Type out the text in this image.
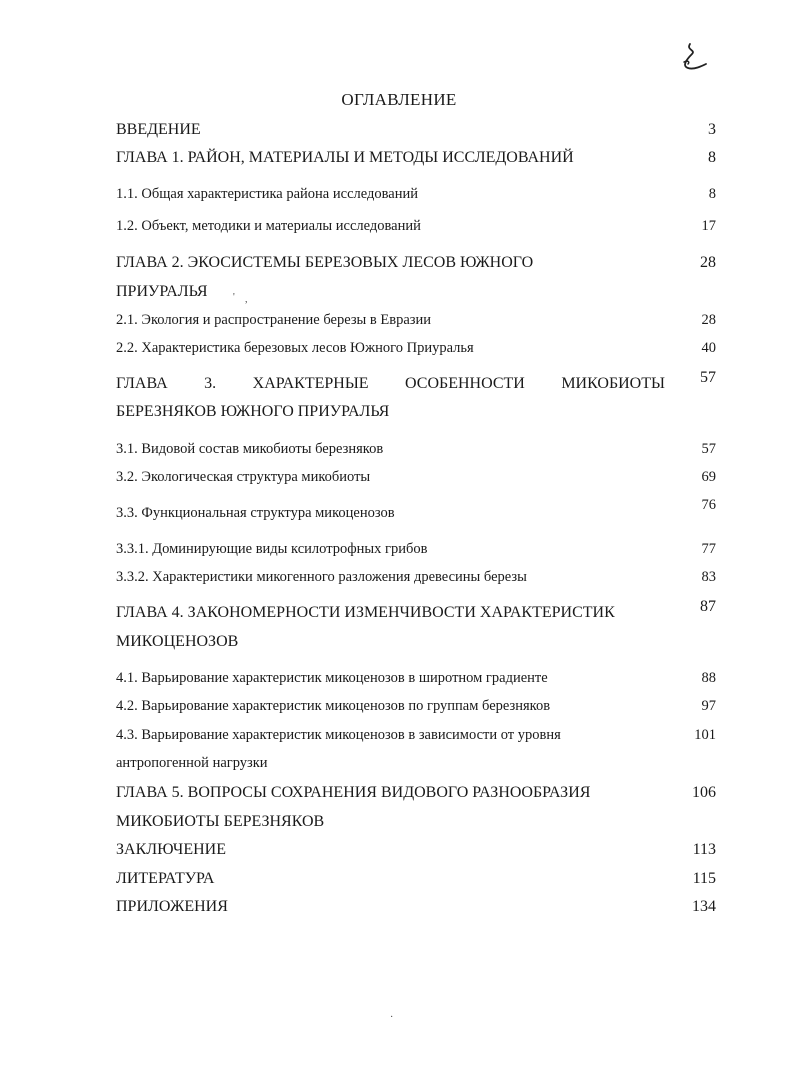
ОГЛАВЛЕНИЕ
ВВЕДЕНИЕ	3
ГЛАВА 1. РАЙОН, МАТЕРИАЛЫ И МЕТОДЫ ИССЛЕДОВАНИЙ	8
1.1. Общая характеристика района исследований	8
1.2. Объект, методики и материалы исследований	17
ГЛАВА 2. ЭКОСИСТЕМЫ БЕРЕЗОВЫХ ЛЕСОВ ЮЖНОГО	28
ПРИУРАЛЬЯ	' ,
2.1. Экология и распространение березы в Евразии	28
2.2. Характеристика березовых лесов Южного Приуралья	40
ГЛАВА 3. ХАРАКТЕРНЫЕ ОСОБЕННОСТИ МИКОБИОТЫ 57
БЕРЕЗНЯКОВ ЮЖНОГО ПРИУРАЛЬЯ
3.1. Видовой состав микобиоты березняков	57
3.2. Экологическая структура микобиоты	69
3.3. Функциональная структура микоценозов	76
3.3.1. Доминирующие виды ксилотрофных грибов	77
3.3.2. Характеристики микогенного разложения древесины березы	83
ГЛАВА 4. ЗАКОНОМЕРНОСТИ ИЗМЕНЧИВОСТИ ХАРАКТЕРИСТИК	87
МИКОЦЕНОЗОВ
4.1. Варьирование характеристик микоценозов в широтном градиенте	88
4.2. Варьирование характеристик микоценозов по группам березняков	97
4.3. Варьирование характеристик микоценозов в зависимости от уровня	101
антропогенной нагрузки
ГЛАВА 5. ВОПРОСЫ СОХРАНЕНИЯ ВИДОВОГО РАЗНООБРАЗИЯ	106
МИКОБИОТЫ БЕРЕЗНЯКОВ
ЗАКЛЮЧЕНИЕ	113
ЛИТЕРАТУРА	115
ПРИЛОЖЕНИЯ	134
·
